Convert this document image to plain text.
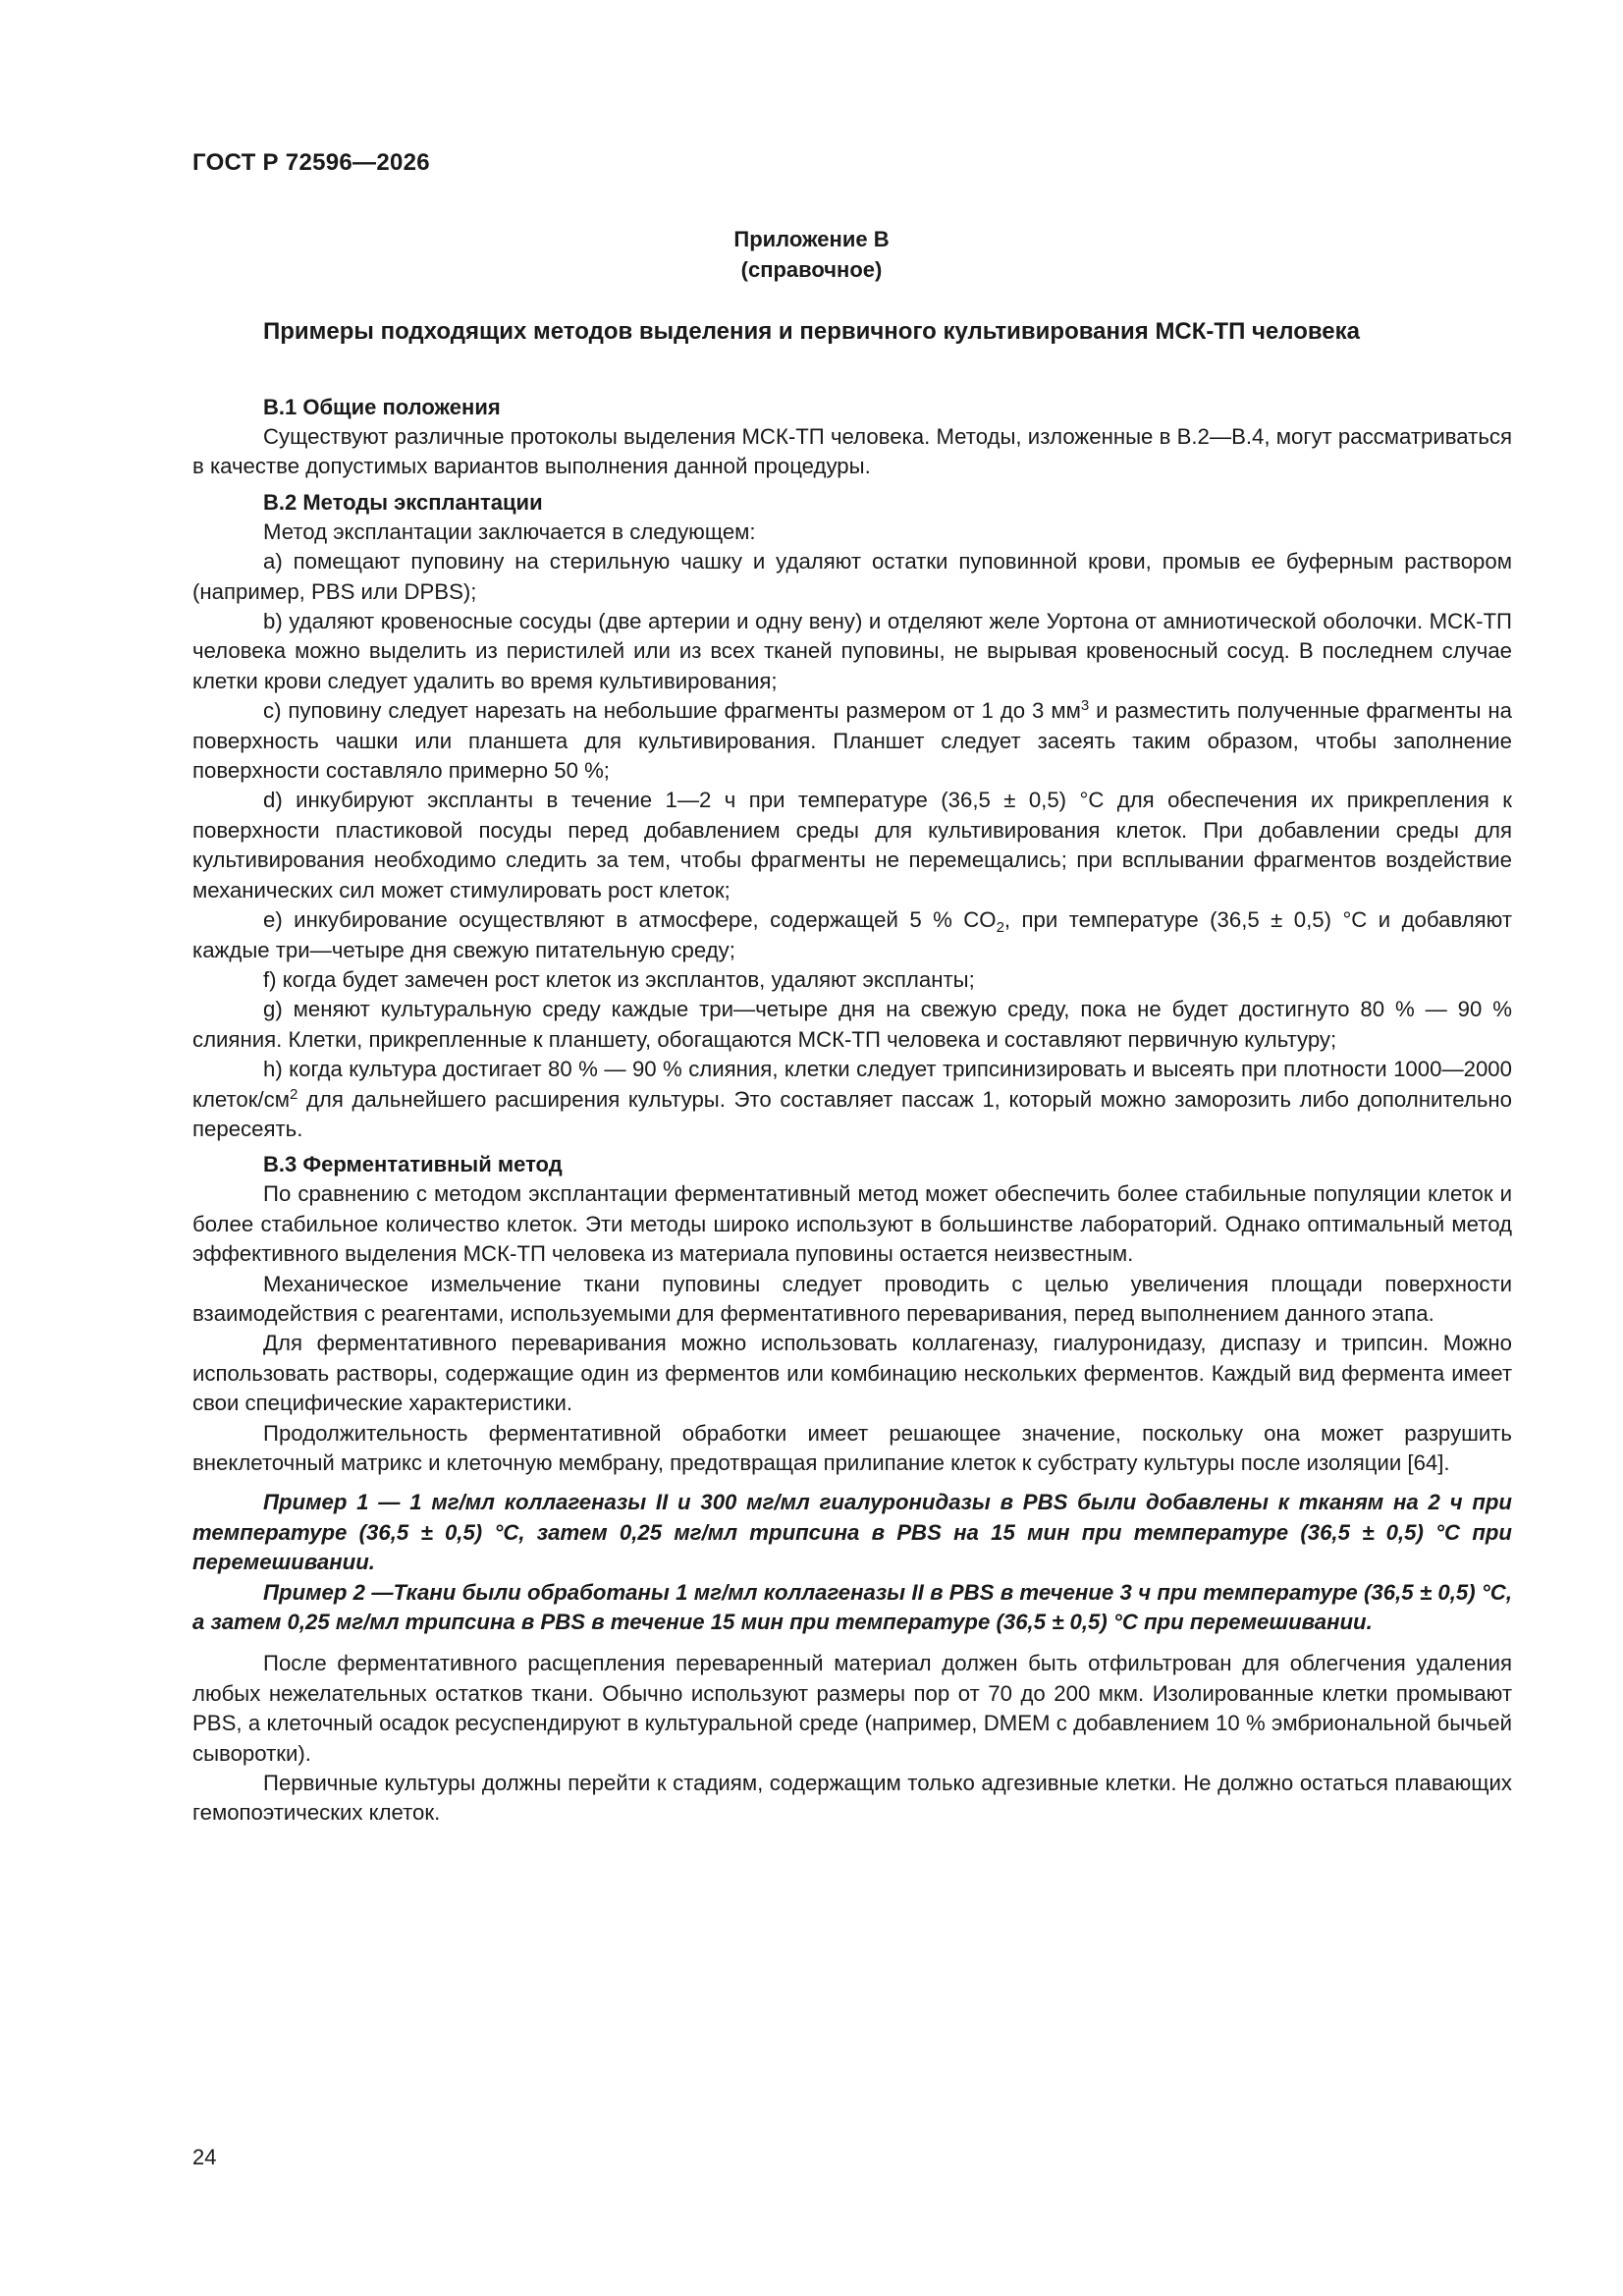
ГОСТ Р 72596—2026
Приложение В
(справочное)
Примеры подходящих методов выделения и первичного культивирования МСК-ТП человека
В.1 Общие положения

Существуют различные протоколы выделения МСК-ТП человека. Методы, изложенные в В.2—В.4, могут рассматриваться в качестве допустимых вариантов выполнения данной процедуры.

В.2 Методы эксплантации

Метод эксплантации заключается в следующем:

a) помещают пуповину на стерильную чашку и удаляют остатки пуповинной крови, промыв ее буферным раствором (например, PBS или DPBS);

b) удаляют кровеносные сосуды (две артерии и одну вену) и отделяют желе Уортона от амниотической оболочки. МСК-ТП человека можно выделить из перистилей или из всех тканей пуповины, не вырывая кровеносный сосуд. В последнем случае клетки крови следует удалить во время культивирования;

c) пуповину следует нарезать на небольшие фрагменты размером от 1 до 3 $мм^3$ и разместить полученные фрагменты на поверхность чашки или планшета для культивирования. Планшет следует засеять таким образом, чтобы заполнение поверхности составляло примерно 50 %;

d) инкубируют экспланты в течение 1—2 ч при температуре (36,5 ± 0,5) °С для обеспечения их прикрепления к поверхности пластиковой посуды перед добавлением среды для культивирования клеток. При добавлении среды для культивирования необходимо следить за тем, чтобы фрагменты не перемещались; при всплывании фрагментов воздействие механических сил может стимулировать рост клеток;

e) инкубирование осуществляют в атмосфере, содержащей 5 % $CO_2$, при температуре (36,5 ± 0,5) °С и добавляют каждые три—четыре дня свежую питательную среду;

f) когда будет замечен рост клеток из эксплантов, удаляют экспланты;

g) меняют культуральную среду каждые три—четыре дня на свежую среду, пока не будет достигнуто 80 % — 90 % слияния. Клетки, прикрепленные к планшету, обогащаются МСК-ТП человека и составляют первичную культуру;

h) когда культура достигает 80 % — 90 % слияния, клетки следует трипсинизировать и высеять при плотности 1000—2000 клеток/$см^2$ для дальнейшего расширения культуры. Это составляет пассаж 1, который можно заморозить либо дополнительно пересеять.

В.3 Ферментативный метод

По сравнению с методом эксплантации ферментативный метод может обеспечить более стабильные популяции клеток и более стабильное количество клеток. Эти методы широко используют в большинстве лабораторий. Однако оптимальный метод эффективного выделения МСК-ТП человека из материала пуповины остается неизвестным.

Механическое измельчение ткани пуповины следует проводить с целью увеличения площади поверхности взаимодействия с реагентами, используемыми для ферментативного переваривания, перед выполнением данного этапа.

Для ферментативного переваривания можно использовать коллагеназу, гиалуронидазу, диспазу и трипсин. Можно использовать растворы, содержащие один из ферментов или комбинацию нескольких ферментов. Каждый вид фермента имеет свои специфические характеристики.

Продолжительность ферментативной обработки имеет решающее значение, поскольку она может разрушить внеклеточный матрикс и клеточную мембрану, предотвращая прилипание клеток к субстрату культуры после изоляции [64].

Пример 1 — 1 мг/мл коллагеназы II и 300 мг/мл гиалуронидазы в PBS были добавлены к тканям на 2 ч при температуре (36,5 ± 0,5) °С, затем 0,25 мг/мл трипсина в PBS на 15 мин при температуре (36,5 ± 0,5) °С при перемешивании.

Пример 2 —Ткани были обработаны 1 мг/мл коллагеназы II в PBS в течение 3 ч при температуре (36,5 ± 0,5) °С, а затем 0,25 мг/мл трипсина в PBS в течение 15 мин при температуре (36,5 ± 0,5) °С при перемешивании.

После ферментативного расщепления переваренный материал должен быть отфильтрован для облегчения удаления любых нежелательных остатков ткани. Обычно используют размеры пор от 70 до 200 мкм. Изолированные клетки промывают PBS, а клеточный осадок ресуспендируют в культуральной среде (например, DMEM с добавлением 10 % эмбриональной бычьей сыворотки).

Первичные культуры должны перейти к стадиям, содержащим только адгезивные клетки. Не должно остаться плавающих гемопоэтических клеток.

24
